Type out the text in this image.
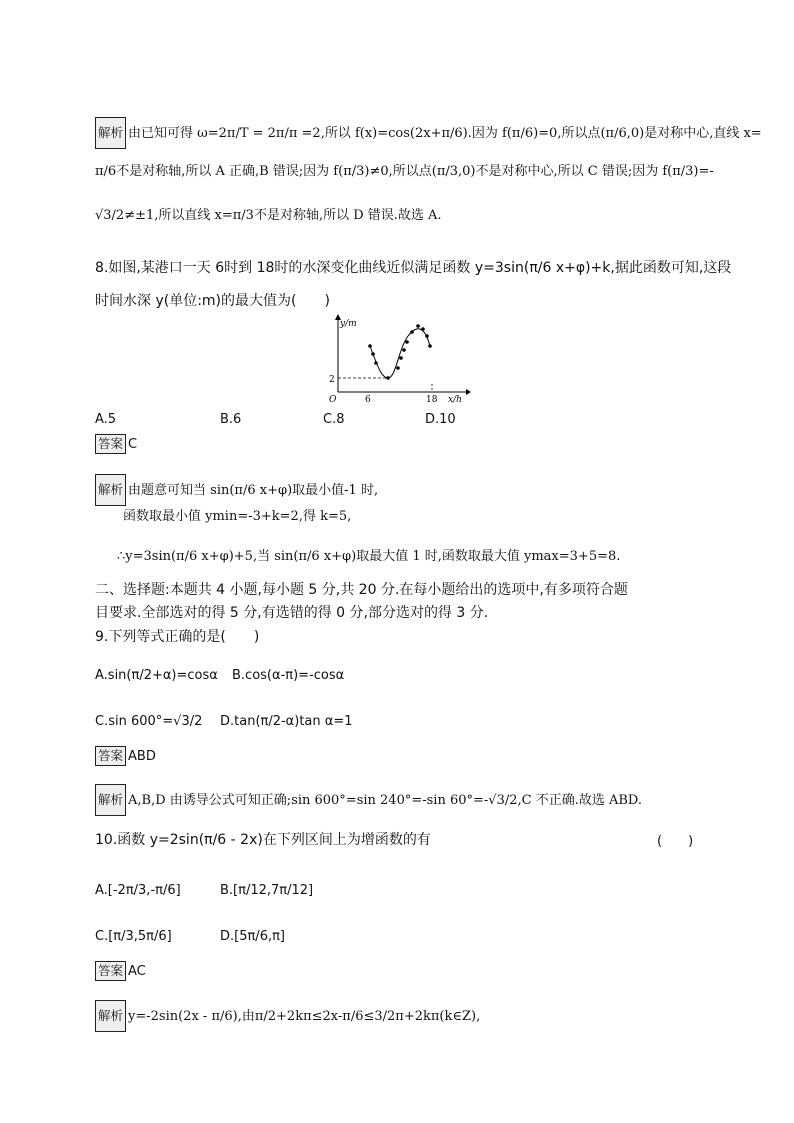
解析 由已知可得 ω=2π/T = 2π/π =2,所以 f(x)=cos(2x+π/6).因为 f(π/6)=0,所以点(π/6,0)是对称中心,直线 x=
π/6不是对称轴,所以 A 正确,B 错误;因为 f(π/3)≠0,所以点(π/3,0)不是对称中心,所以 C 错误;因为 f(π/3)=-
√3/2≠±1,所以直线 x=π/3不是对称轴,所以 D 错误.故选 A.
8.如图,某港口一天 6时到 18时的水深变化曲线近似满足函数 y=3sin(π/6 x+φ)+k,据此函数可知,这段
时间水深 y(单位:m)的最大值为(　　)
y/m
x/h
O
2
6	18
A.5	B.6	C.8	D.10
答案 C
解析 由题意可知当 sin(π/6 x+φ)取最小值-1 时,
函数取最小值 ymin=-3+k=2,得 k=5,
∴y=3sin(π/6 x+φ)+5,当 sin(π/6 x+φ)取最大值 1 时,函数取最大值 ymax=3+5=8.
二、选择题:本题共 4 小题,每小题 5 分,共 20 分.在每小题给出的选项中,有多项符合题
目要求.全部选对的得 5 分,有选错的得 0 分,部分选对的得 3 分.
9.下列等式正确的是(　　)
A.sin(π/2+α)=cosα B.cos(α-π)=-cosα
C.sin 600°=√3/2 D.tan(π/2-α)tan α=1
答案 ABD
解析 A,B,D 由诱导公式可知正确;sin 600°=sin 240°=-sin 60°=-√3/2,C 不正确.故选 ABD.
10.函数 y=2sin(π/6 - 2x)在下列区间上为增函数的有	(　　)
A.[-2π/3,-π/6]	B.[π/12,7π/12]
C.[π/3,5π/6]	D.[5π/6,π]
答案 AC
解析 y=-2sin(2x - π/6),由π/2+2kπ≤2x-π/6≤3/2π+2kπ(k∈Z),
